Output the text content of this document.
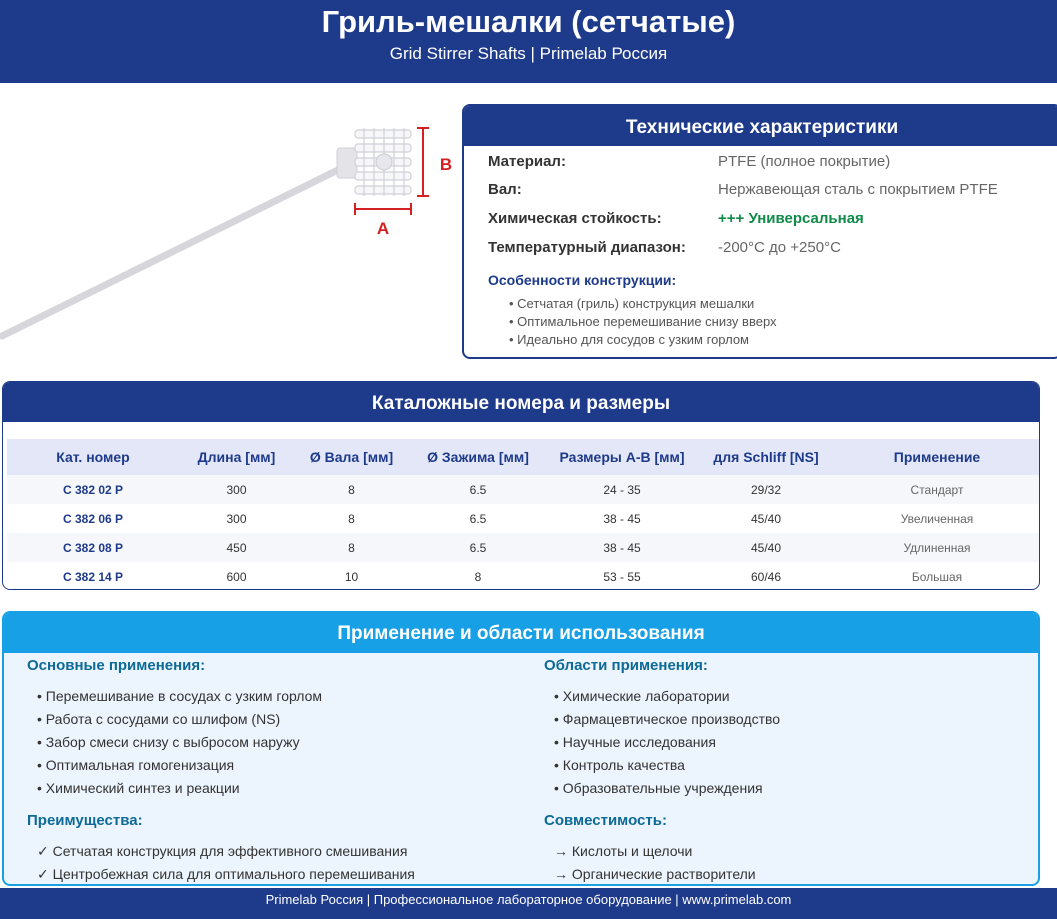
Гриль-мешалки (сетчатые)
Grid Stirrer Shafts | Primelab Россия
B
A
Технические характеристики
Материал:	PTFE (полное покрытие)
Вал:	Нержавеющая сталь с покрытием PTFE
Химическая стойкость:	+++ Универсальная
Температурный диапазон:	-200°C до +250°C
Особенности конструкции:
• Сетчатая (гриль) конструкция мешалки
• Оптимальное перемешивание снизу вверх
• Идеально для сосудов с узким горлом
Каталожные номера и размеры
Кат. номер	Длина [мм]	Ø Вала [мм]	Ø Зажима [мм]	Размеры A-B [мм]	для Schliff [NS]	Применение
C 382 02 P	300	8	6.5	24 - 35	29/32	Стандарт
C 382 06 P	300	8	6.5	38 - 45	45/40	Увеличенная
C 382 08 P	450	8	6.5	38 - 45	45/40	Удлиненная
C 382 14 P	600	10	8	53 - 55	60/46	Большая
Применение и области использования
Основные применения:
• Перемешивание в сосудах с узким горлом
• Работа с сосудами со шлифом (NS)
• Забор смеси снизу с выбросом наружу
• Оптимальная гомогенизация
• Химический синтез и реакции
Области применения:
• Химические лаборатории
• Фармацевтическое производство
• Научные исследования
• Контроль качества
• Образовательные учреждения
Преимущества:
✓ Сетчатая конструкция для эффективного смешивания
✓ Центробежная сила для оптимального перемешивания
Совместимость:
→ Кислоты и щелочи
→ Органические растворители
Primelab Россия | Профессиональное лабораторное оборудование | www.primelab.com
